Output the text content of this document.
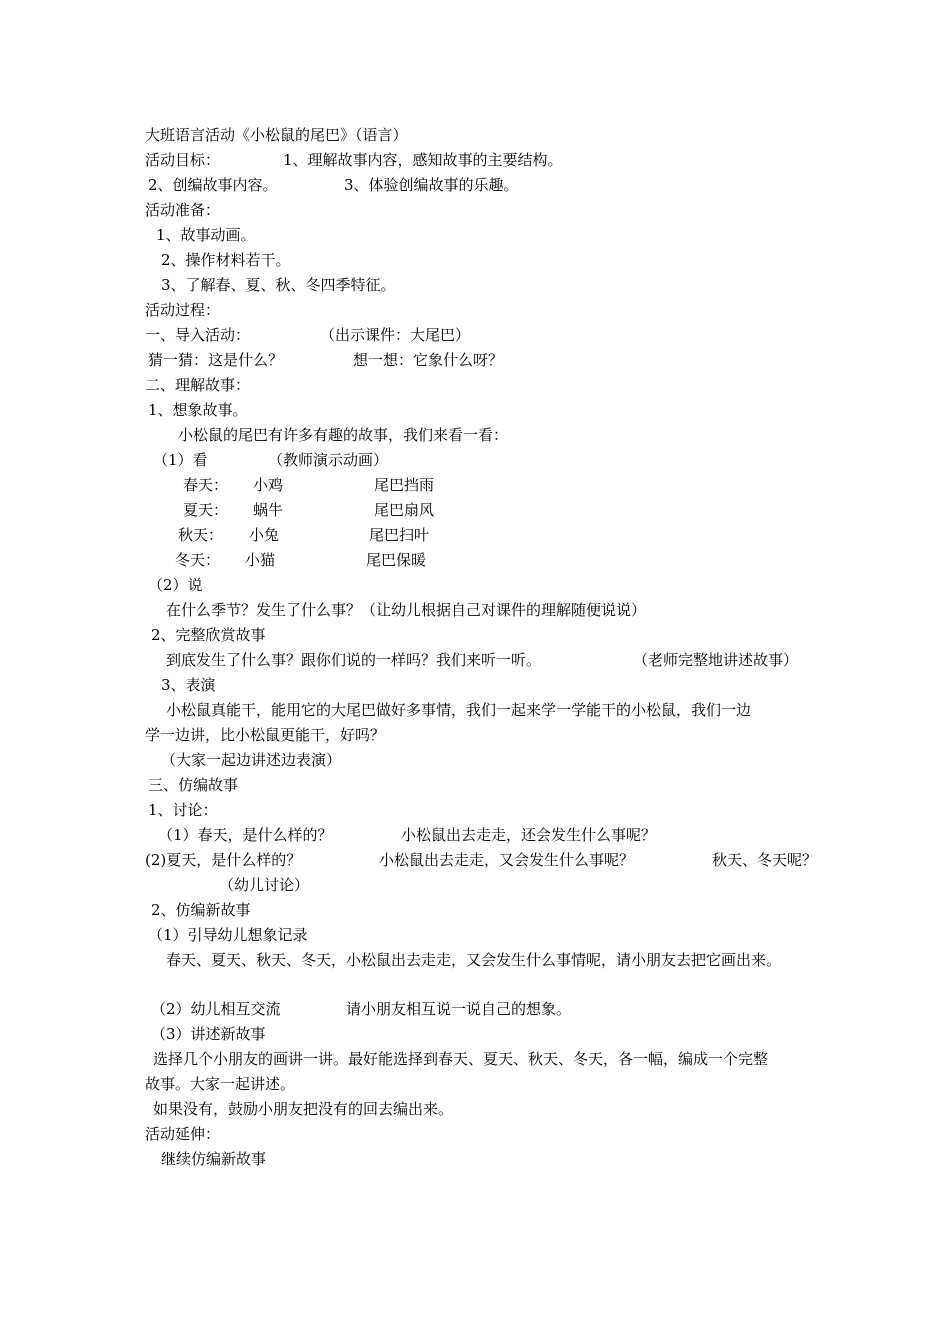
大班语言活动《小松鼠的尾巴》（语言）
活动目标：	1、理解故事内容，感知故事的主要结构。
2、创编故事内容。	3、体验创编故事的乐趣。
活动准备：
1、故事动画。
2、操作材料若干。
3、了解春、夏、秋、冬四季特征。
活动过程：
一、导入活动：	（出示课件：大尾巴）
猜一猜：这是什么？	想一想：它象什么呀？
二、理解故事：
1、想象故事。
小松鼠的尾巴有许多有趣的故事，我们来看一看：
（1）看	（教师演示动画）
春天： 小鸡	尾巴挡雨
夏天： 蜗牛	尾巴扇风
秋天： 小兔	尾巴扫叶
冬天： 小猫	尾巴保暖
（2）说
在什么季节？发生了什么事？（让幼儿根据自己对课件的理解随便说说）
2、完整欣赏故事
到底发生了什么事？跟你们说的一样吗？我们来听一听。	（老师完整地讲述故事）
3、表演
小松鼠真能干，能用它的大尾巴做好多事情，我们一起来学一学能干的小松鼠，我们一边
学一边讲，比小松鼠更能干，好吗？
（大家一起边讲述边表演）
三、仿编故事
1、讨论：
（1）春天，是什么样的？	小松鼠出去走走，还会发生什么事呢？
(2)夏天，是什么样的？	小松鼠出去走走，又会发生什么事呢？	秋天、冬天呢？
（幼儿讨论）
2、仿编新故事
（1）引导幼儿想象记录
春天、夏天、秋天、冬天，小松鼠出去走走，又会发生什么事情呢，请小朋友去把它画出来。
（2）幼儿相互交流	请小朋友相互说一说自己的想象。
（3）讲述新故事
选择几个小朋友的画讲一讲。最好能选择到春天、夏天、秋天、冬天，各一幅，编成一个完整
故事。大家一起讲述。
如果没有，鼓励小朋友把没有的回去编出来。
活动延伸：
继续仿编新故事
